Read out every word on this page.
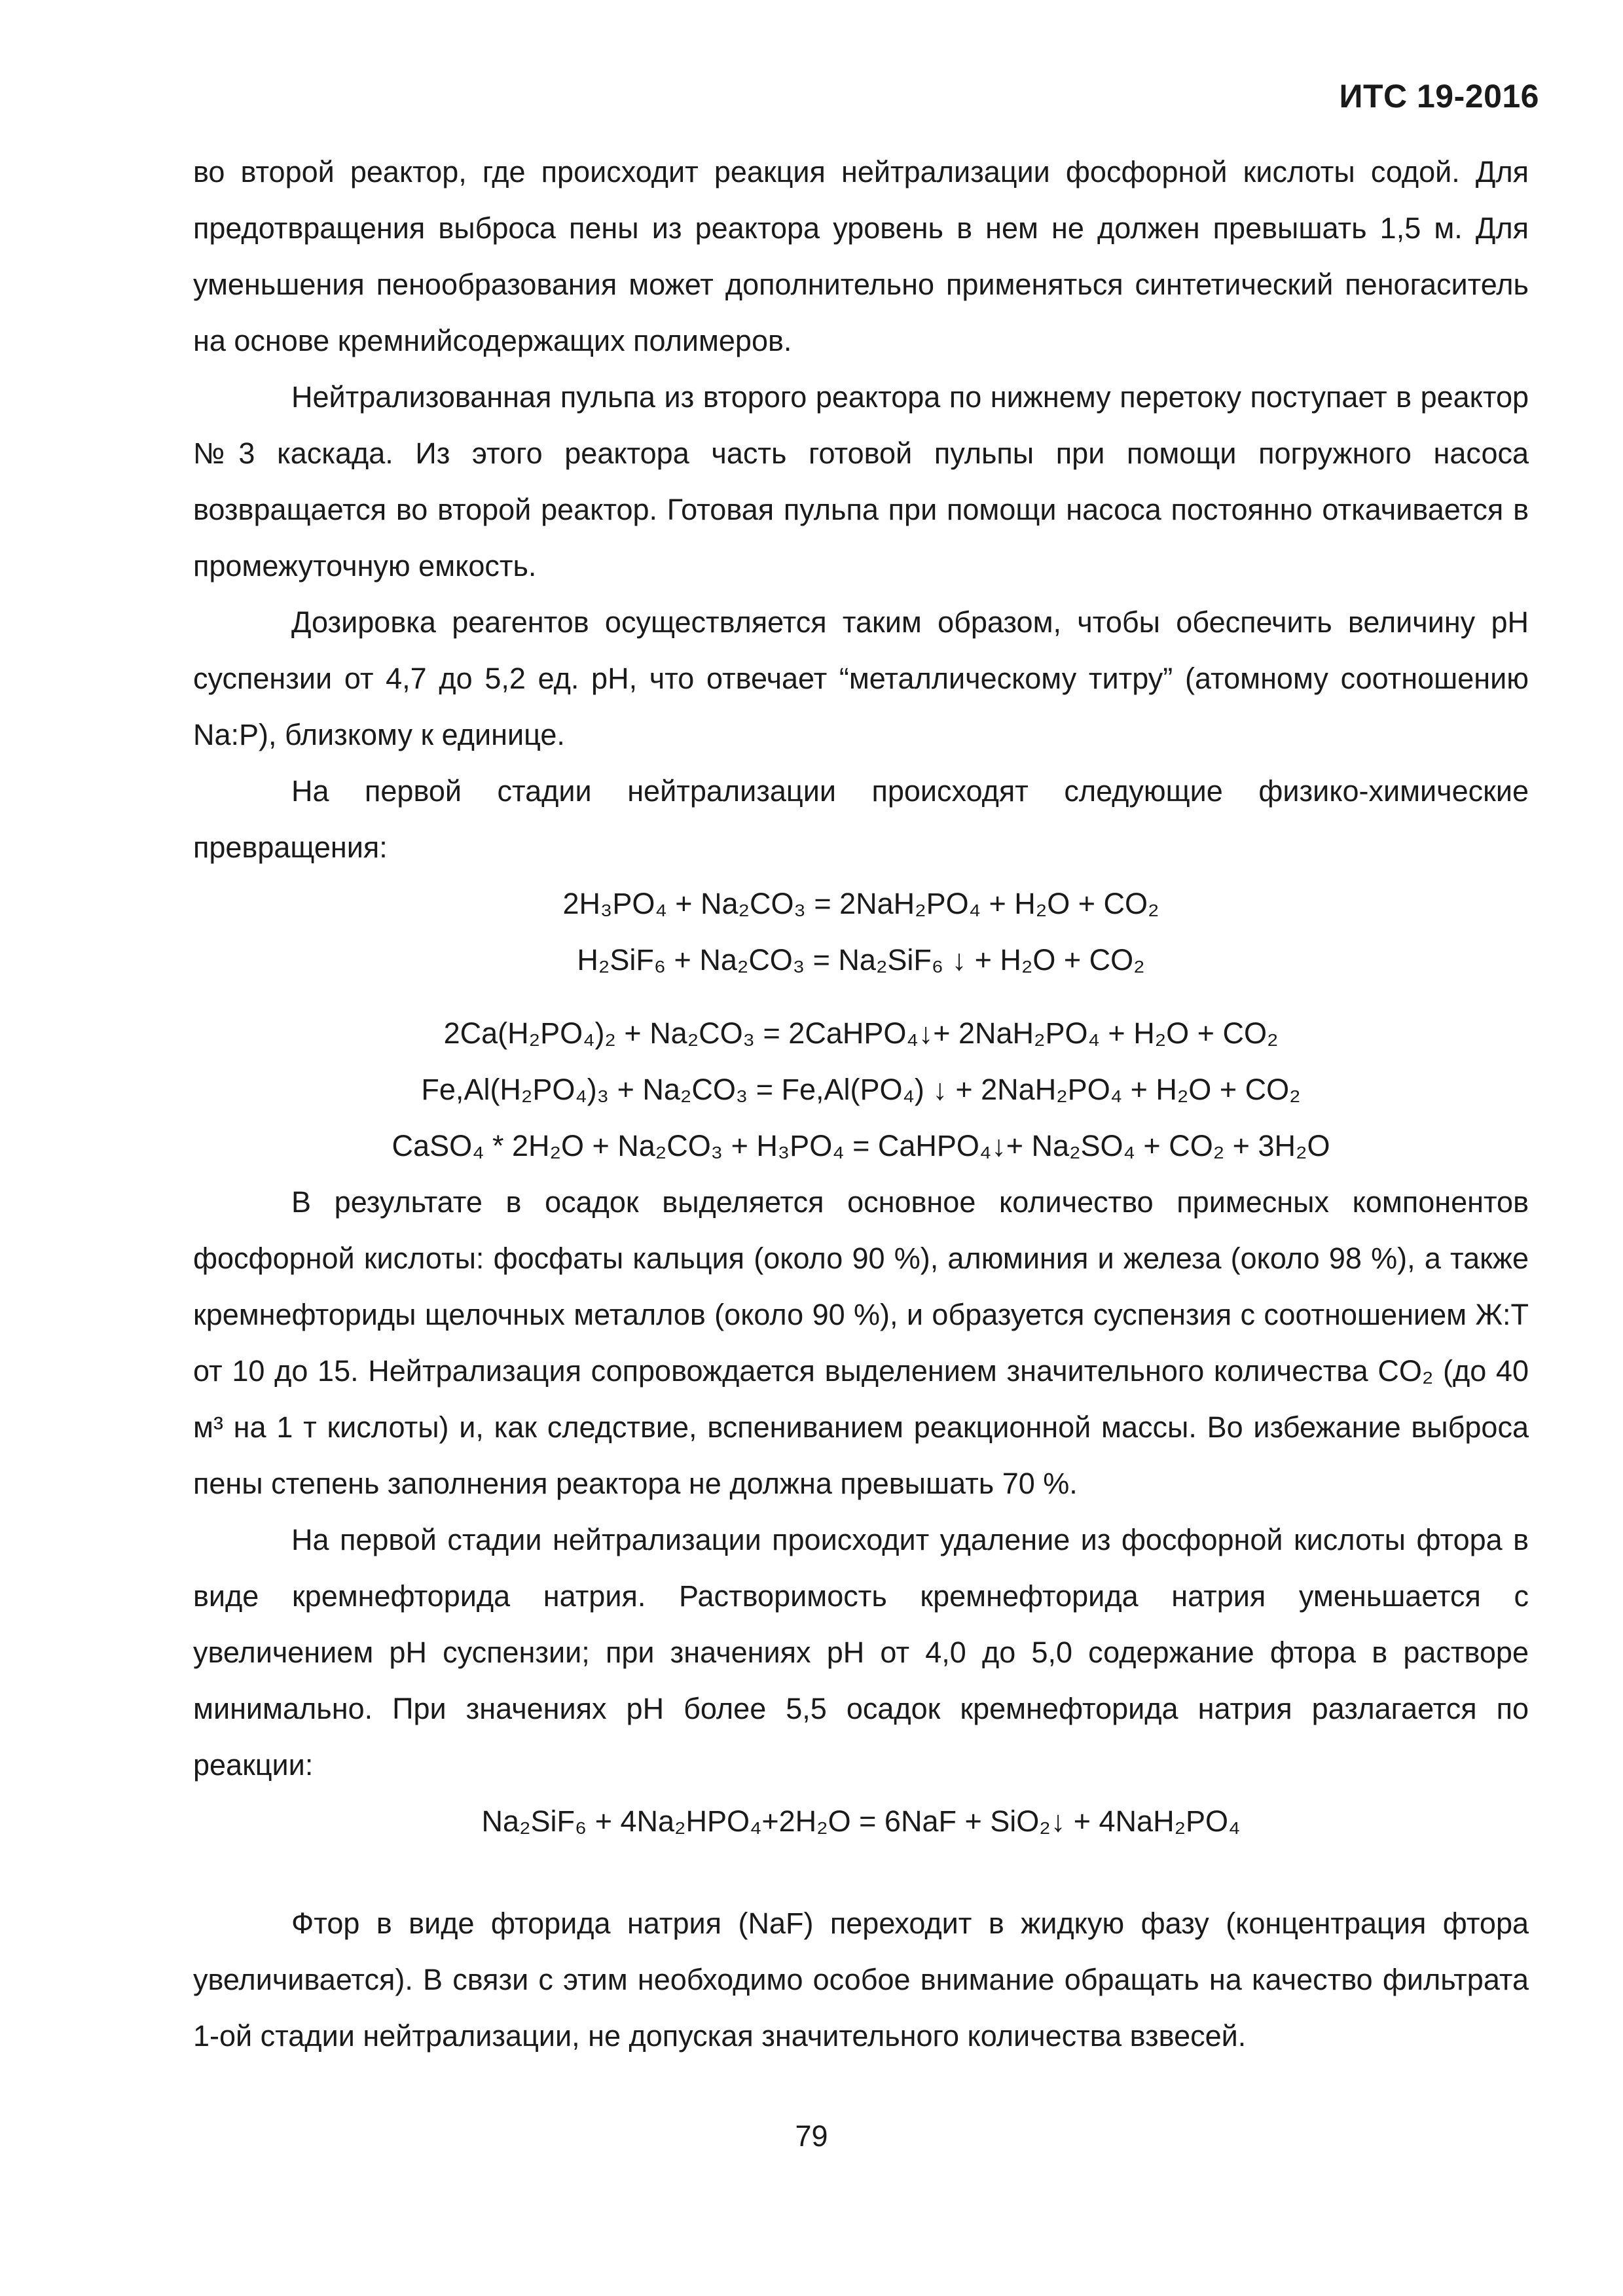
ИТС 19-2016

во второй реактор, где происходит реакция нейтрализации фосфорной кислоты содой. Для предотвращения выброса пены из реактора уровень в нем не должен превышать 1,5 м. Для уменьшения пенообразования может дополнительно применяться синтетический пеногаситель на основе кремнийсодержащих полимеров.

Нейтрализованная пульпа из второго реактора по нижнему перетоку поступает в реактор №3 каскада. Из этого реактора часть готовой пульпы при помощи погружного насоса возвращается во второй реактор. Готовая пульпа при помощи насоса постоянно откачивается в промежуточную емкость.

Дозировка реагентов осуществляется таким образом, чтобы обеспечить величину pH суспензии от 4,7 до 5,2 ед. pH, что отвечает “металлическому титру” (атомному соотношению Na:P), близкому к единице.

На первой стадии нейтрализации происходят следующие физико-химические превращения:

2H₃PO₄ + Na₂CO₃ = 2NaH₂PO₄ + H₂O + CO₂

H₂SiF₆ + Na₂CO₃ = Na₂SiF₆ ↓ + H₂O + CO₂

2Ca(H₂PO₄)₂ + Na₂CO₃ = 2CaHPO₄↓+ 2NaH₂PO₄ + H₂O + CO₂

Fe,Al(H₂PO₄)₃ + Na₂CO₃ = Fe,Al(PO₄) ↓ + 2NaH₂PO₄ + H₂O + CO₂

CaSO₄ * 2H₂O + Na₂CO₃ + H₃PO₄ = CaHPO₄↓+ Na₂SO₄ + CO₂ + 3H₂O

В результате в осадок выделяется основное количество примесных компонентов фосфорной кислоты: фосфаты кальция (около 90 %), алюминия и железа (около 98 %), а также кремнефториды щелочных металлов (около 90 %), и образуется суспензия с соотношением Ж:Т от 10 до 15. Нейтрализация сопровождается выделением значительного количества CO₂ (до 40 м³ на 1 т кислоты) и, как следствие, вспениванием реакционной массы. Во избежание выброса пены степень заполнения реактора не должна превышать 70 %.

На первой стадии нейтрализации происходит удаление из фосфорной кислоты фтора в виде кремнефторида натрия. Растворимость кремнефторида натрия уменьшается с увеличением pH суспензии; при значениях pH от 4,0 до 5,0 содержание фтора в растворе минимально. При значениях pH более 5,5 осадок кремнефторида натрия разлагается по реакции:

Na₂SiF₆ + 4Na₂HPO₄+2H₂O = 6NaF + SiO₂↓ + 4NaH₂PO₄

Фтор в виде фторида натрия (NaF) переходит в жидкую фазу (концентрация фтора увеличивается). В связи с этим необходимо особое внимание обращать на качество фильтрата 1-ой стадии нейтрализации, не допуская значительного количества взвесей.

79
